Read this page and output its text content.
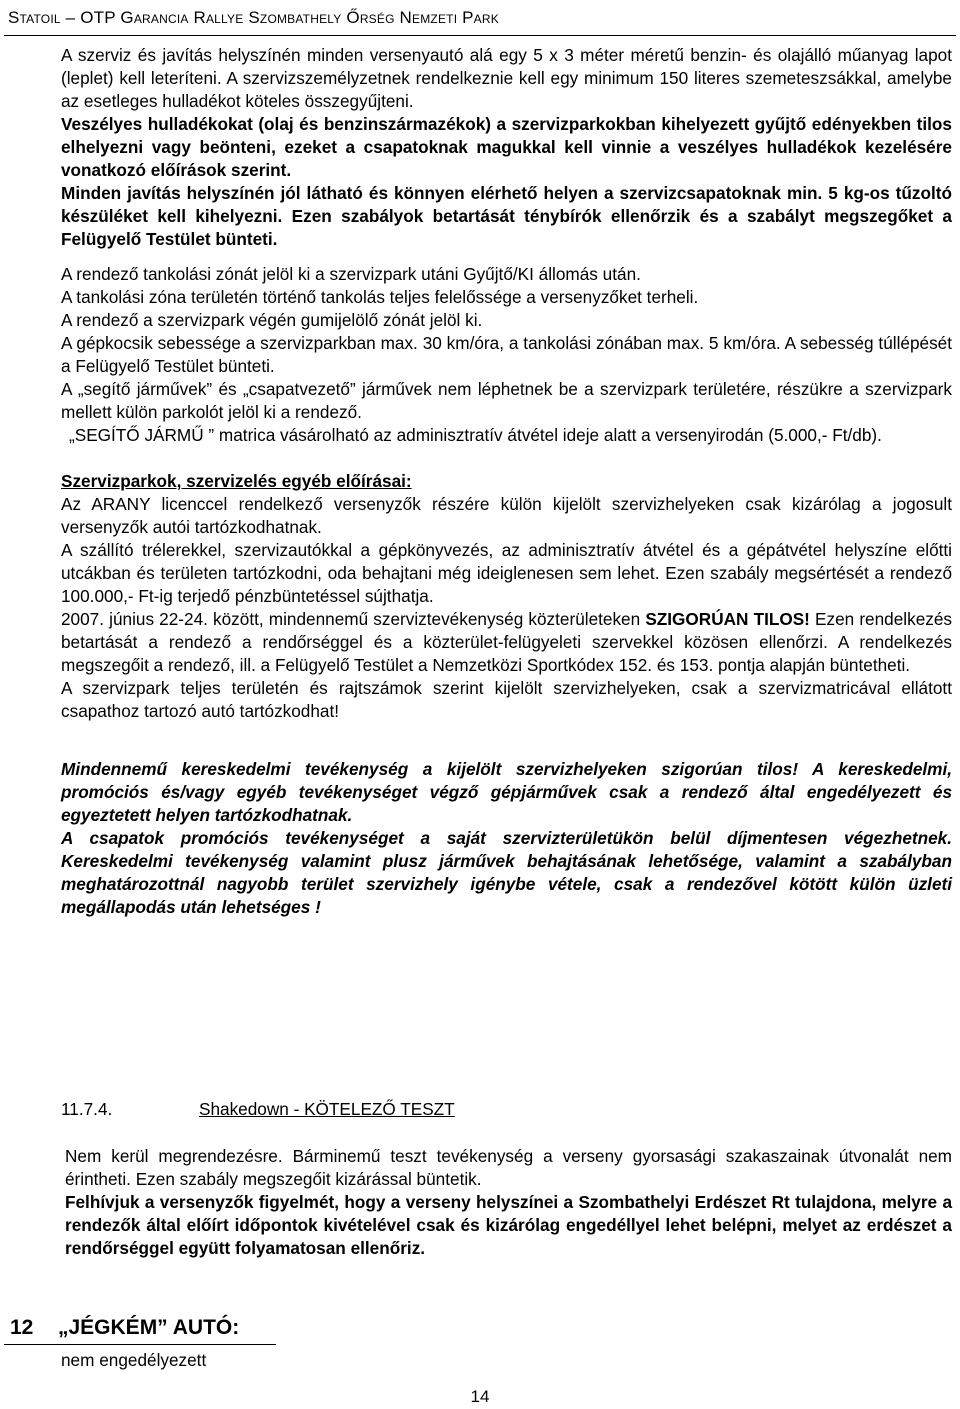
Statoil – OTP Garancia Rallye Szombathely Őrség Nemzeti Park

A szerviz és javítás helyszínén minden versenyautó alá egy 5 x 3 méter méretű benzin- és olajálló műanyag lapot (leplet) kell leteríteni. A szervizszemélyzetnek rendelkeznie kell egy minimum 150 literes szemeteszsákkal, amelybe az esetleges hulladékot köteles összegyűjteni.

Veszélyes hulladékokat (olaj és benzinszármazékok) a szervizparkokban kihelyezett gyűjtő edényekben tilos elhelyezni vagy beönteni, ezeket a csapatoknak magukkal kell vinnie a veszélyes hulladékok kezelésére vonatkozó előírások szerint.

Minden javítás helyszínén jól látható és könnyen elérhető helyen a szervizcsapatoknak min. 5 kg-os tűzoltó készüléket kell kihelyezni. Ezen szabályok betartását ténybírók ellenőrzik és a szabályt megszegőket a Felügyelő Testület bünteti.

A rendező tankolási zónát jelöl ki a szervizpark utáni Gyűjtő/KI állomás után.

A tankolási zóna területén történő tankolás teljes felelőssége a versenyzőket terheli.

A rendező a szervizpark végén gumijelölő zónát jelöl ki.

A gépkocsik sebessége a szervizparkban max. 30 km/óra, a tankolási zónában max. 5 km/óra. A sebesség túllépését a Felügyelő Testület bünteti.

A „segítő járművek” és „csapatvezető” járművek nem léphetnek be a szervizpark területére, részükre a szervizpark mellett külön parkolót jelöl ki a rendező.

„SEGÍTŐ JÁRMŰ ” matrica vásárolható az adminisztratív átvétel ideje alatt a versenyirodán (5.000,- Ft/db).

Szervizparkok, szervizelés egyéb előírásai:

Az ARANY licenccel rendelkező versenyzők részére külön kijelölt szervizhelyeken csak kizárólag a jogosult versenyzők autói tartózkodhatnak.

A szállító trélerekkel, szervizautókkal a gépkönyvezés, az adminisztratív átvétel és a gépátvétel helyszíne előtti utcákban és területen tartózkodni, oda behajtani még ideiglenesen sem lehet. Ezen szabály megsértését a rendező 100.000,- Ft-ig terjedő pénzbüntetéssel sújthatja.

2007. június 22-24. között, mindennemű szerviztevékenység közterületeken SZIGORÚAN TILOS! Ezen rendelkezés betartását a rendező a rendőrséggel és a közterület-felügyeleti szervekkel közösen ellenőrzi. A rendelkezés megszegőit a rendező, ill. a Felügyelő Testület a Nemzetközi Sportkódex 152. és 153. pontja alapján büntetheti.

A szervizpark teljes területén és rajtszámok szerint kijelölt szervizhelyeken, csak a szervizmatricával ellátott csapathoz tartozó autó tartózkodhat!

Mindennemű kereskedelmi tevékenység a kijelölt szervizhelyeken szigorúan tilos! A kereskedelmi, promóciós és/vagy egyéb tevékenységet végző gépjárművek csak a rendező által engedélyezett és egyeztetett helyen tartózkodhatnak.

A csapatok promóciós tevékenységet a saját szervizterületükön belül díjmentesen végezhetnek. Kereskedelmi tevékenység valamint plusz járművek behajtásának lehetősége, valamint a szabályban meghatározottnál nagyobb terület szervizhely igénybe vétele, csak a rendezővel kötött külön üzleti megállapodás után lehetséges !

11.7.4.	Shakedown - KÖTELEZŐ TESZT

Nem kerül megrendezésre. Bárminemű teszt tevékenység a verseny gyorsasági szakaszainak útvonalát nem érintheti. Ezen szabály megszegőit kizárással büntetik.

Felhívjuk a versenyzők figyelmét, hogy a verseny helyszínei a Szombathelyi Erdészet Rt tulajdona, melyre a rendezők által előírt időpontok kivételével csak és kizárólag engedéllyel lehet belépni, melyet az erdészet a rendőrséggel együtt folyamatosan ellenőriz.

12 „JÉGKÉM” AUTÓ:
nem engedélyezett
14
